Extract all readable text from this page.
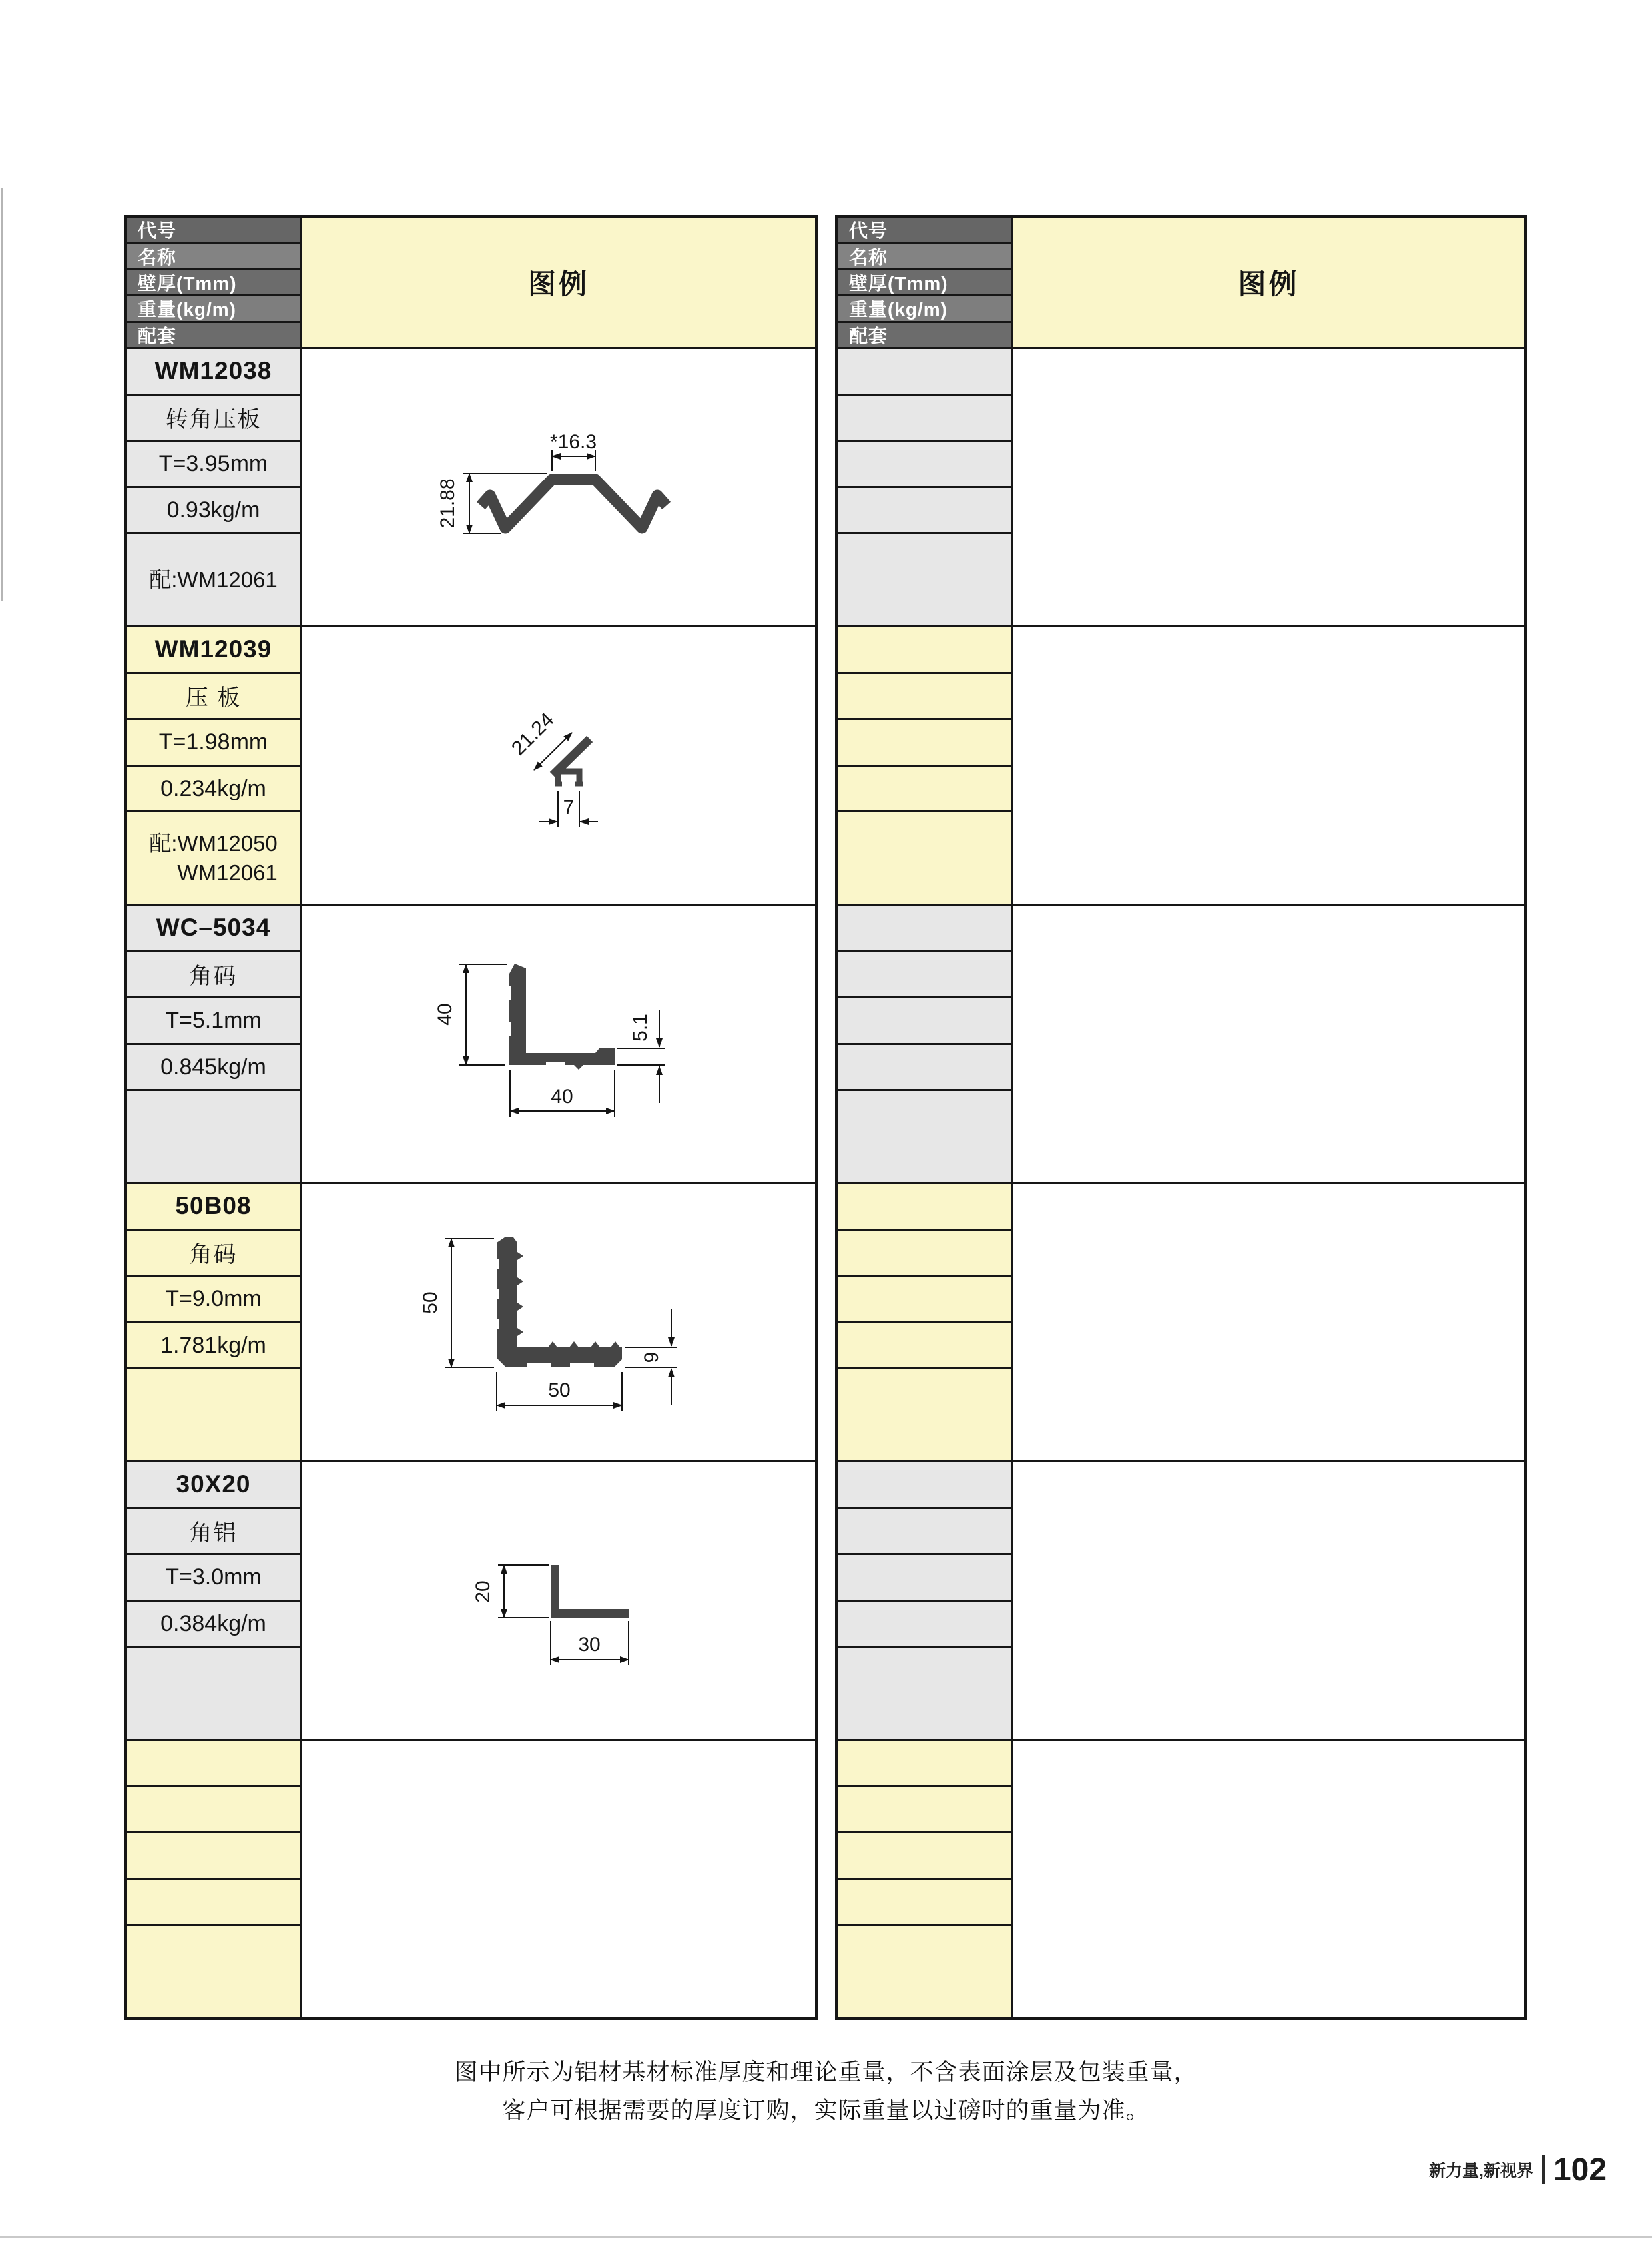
代号
名称
壁厚(Tmm)
重量(kg/m)
配套
图例
WM12038
转角压板
T=3.95mm
0.93kg/m
配:WM12061
*16.3
21.88
WM12039
压 板
T=1.98mm
0.234kg/m
配:WM12050
WM12061
21.24
7
WC–5034
角码
T=5.1mm
0.845kg/m
40
40
5.1
50B08
角码
T=9.0mm
1.781kg/m
50
50
9
30X20
角铝
T=3.0mm
0.384kg/m
20
30
代号
名称
壁厚(Tmm)
重量(kg/m)
配套
图例
图中所示为铝材基材标准厚度和理论重量，不含表面涂层及包装重量，
客户可根据需要的厚度订购，实际重量以过磅时的重量为准。
新力量,新视界 102
